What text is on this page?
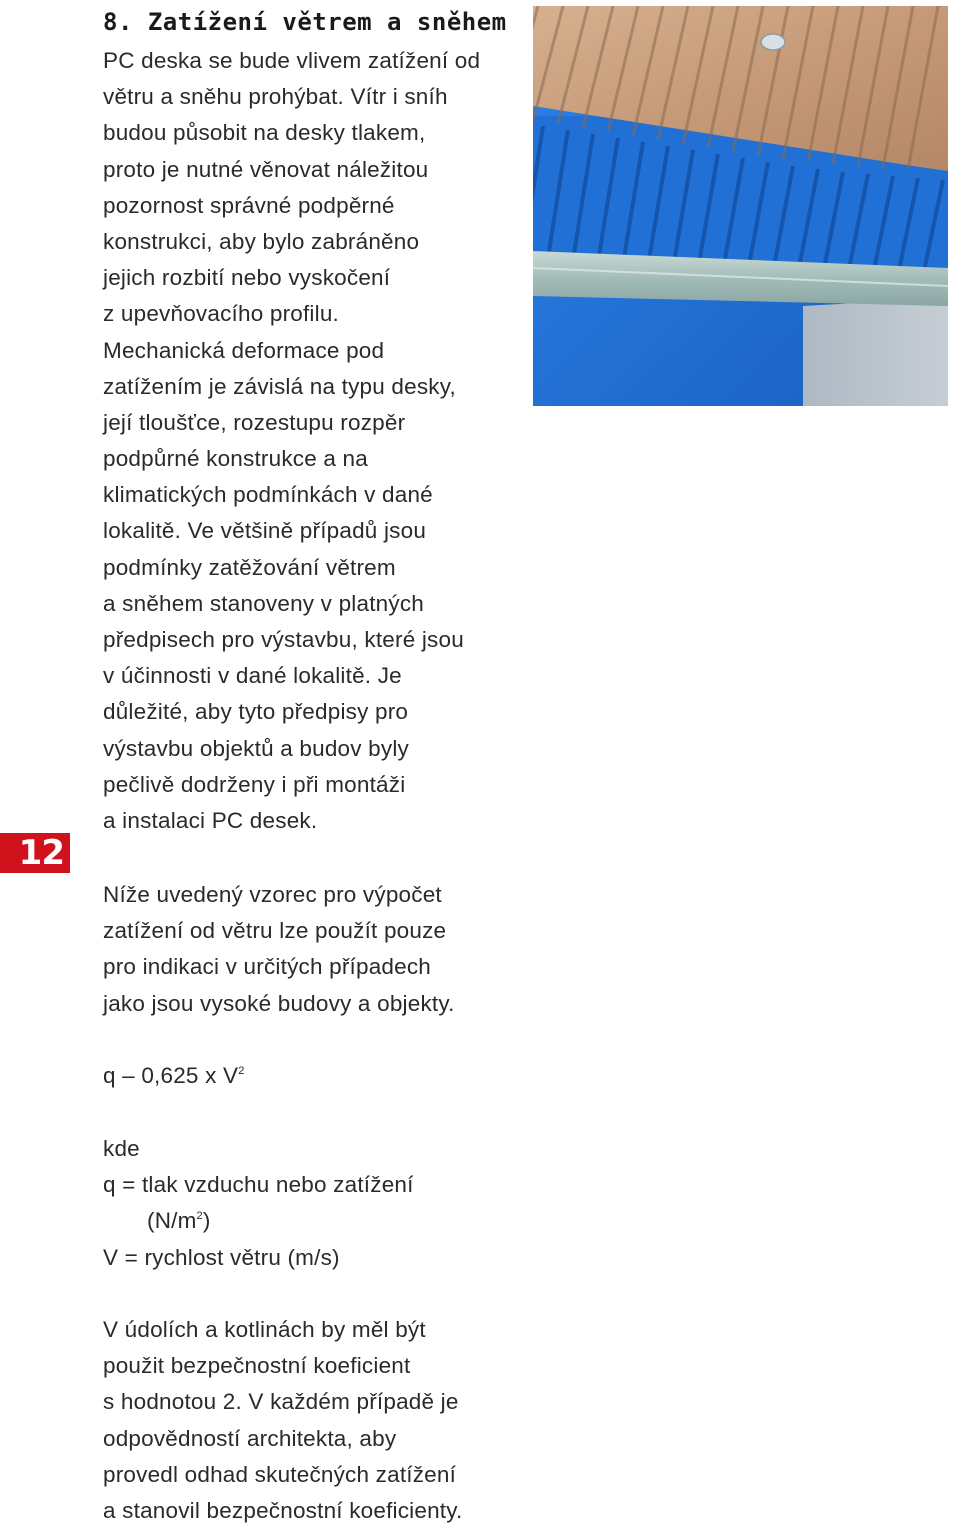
8. Zatížení větrem a sněhem
PC deska se bude vlivem zatížení od
větru a sněhu prohýbat. Vítr i sníh
budou působit na desky tlakem,
proto je nutné věnovat náležitou
pozornost správné podpěrné
konstrukci, aby bylo zabráněno
jejich rozbití nebo vyskočení
z upevňovacího profilu.
Mechanická deformace pod
zatížením je závislá na typu desky,
její tloušťce, rozestupu rozpěr
podpůrné konstrukce a na
klimatických podmínkách v dané
lokalitě. Ve většině případů jsou
podmínky zatěžování větrem
a sněhem stanoveny v platných
předpisech pro výstavbu, které jsou
v účinnosti v dané lokalitě. Je
důležité, aby tyto předpisy pro
výstavbu objektů a budov byly
pečlivě dodrženy i při montáži
a instalaci PC desek.
12
Níže uvedený vzorec pro výpočet
zatížení od větru lze použít pouze
pro indikaci v určitých případech
jako jsou vysoké budovy a objekty.
q – 0,625 x $V^2$
kde
q = tlak vzduchu nebo zatížení
$(N/m^2)$
V = rychlost větru (m/s)
V údolích a kotlinách by měl být
použit bezpečnostní koeficient
s hodnotou 2. V každém případě je
odpovědností architekta, aby
provedl odhad skutečných zatížení
a stanovil bezpečnostní koeficienty.
